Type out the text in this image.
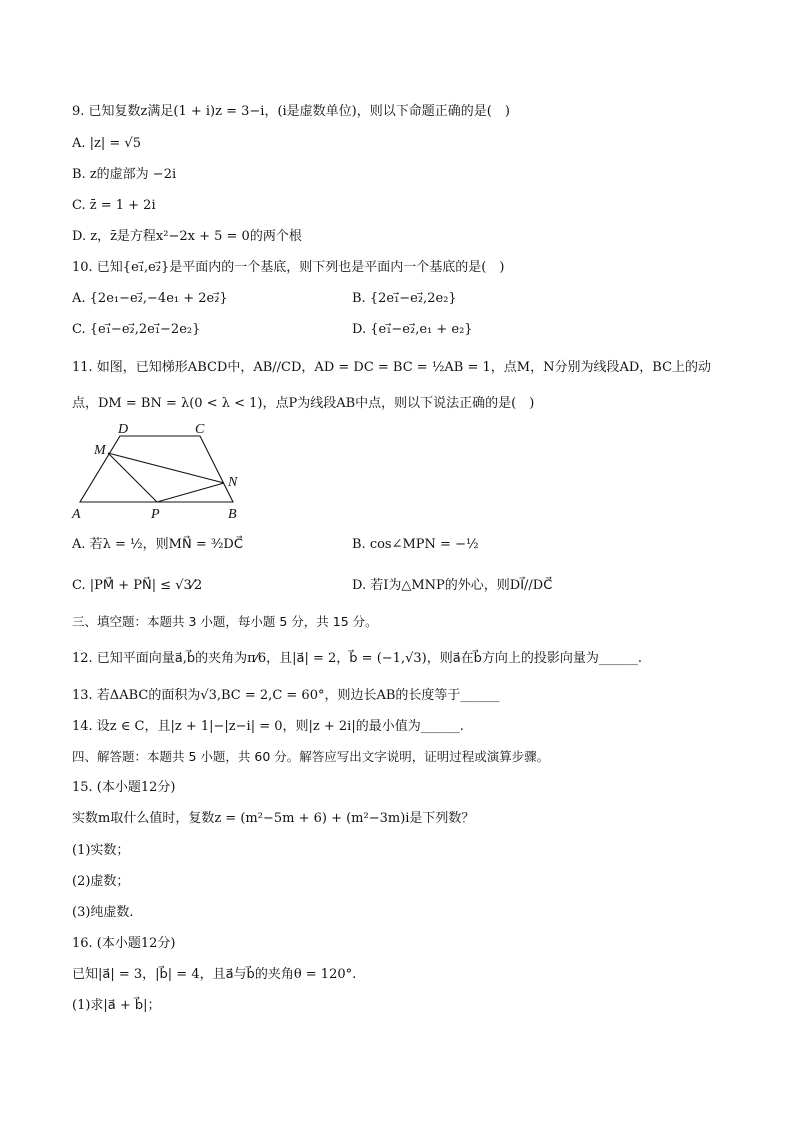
9. 已知复数z满足(1 + i)z = 3−i，(i是虚数单位)，则以下命题正确的是(　)
A. |z| = √5
B. z的虚部为 −2i
C. z̄ = 1 + 2i
D. z，z̄是方程x²−2x + 5 = 0的两个根
10. 已知{e₁⃗,e₂⃗}是平面内的一个基底，则下列也是平面内一个基底的是(　)
A. {2e₁−e₂⃗,−4e₁ + 2e₂⃗}	B. {2e₁⃗−e₂⃗,2e₂}
C. {e₁⃗−e₂⃗,2e₁⃗−2e₂}	D. {e₁⃗−e₂⃗,e₁ + e₂}
11. 如图，已知梯形ABCD中，AB//CD，AD = DC = BC = ½AB = 1，点M，N分别为线段AD，BC上的动
点，DM = BN = λ(0 < λ < 1)，点P为线段AB中点，则以下说法正确的是(　)
A	B
C
D
M
N
P
A. 若λ = ½，则MN⃗ = ³⁄₂DC⃗	B. cos∠MPN = −½
C. |PM⃗ + PN⃗| ≤ √3⁄2	D. 若I为△MNP的外心，则DI⃗//DC⃗
三、填空题：本题共 3 小题，每小题 5 分，共 15 分。
12. 已知平面向量a⃗,b⃗的夹角为π⁄6，且|a⃗| = 2，b⃗ = (−1,√3)，则a⃗在b⃗方向上的投影向量为______.
13. 若ΔABC的面积为√3,BC = 2,C = 60°，则边长AB的长度等于______
14. 设z ∈ C，且|z + 1|−|z−i| = 0，则|z + 2i|的最小值为______.
四、解答题：本题共 5 小题，共 60 分。解答应写出文字说明，证明过程或演算步骤。
15. (本小题12分)
实数m取什么值时，复数z = (m²−5m + 6) + (m²−3m)i是下列数？
(1)实数；
(2)虚数；
(3)纯虚数.
16. (本小题12分)
已知|a⃗| = 3，|b⃗| = 4，且a⃗与b⃗的夹角θ = 120°.
(1)求|a⃗ + b⃗|；
